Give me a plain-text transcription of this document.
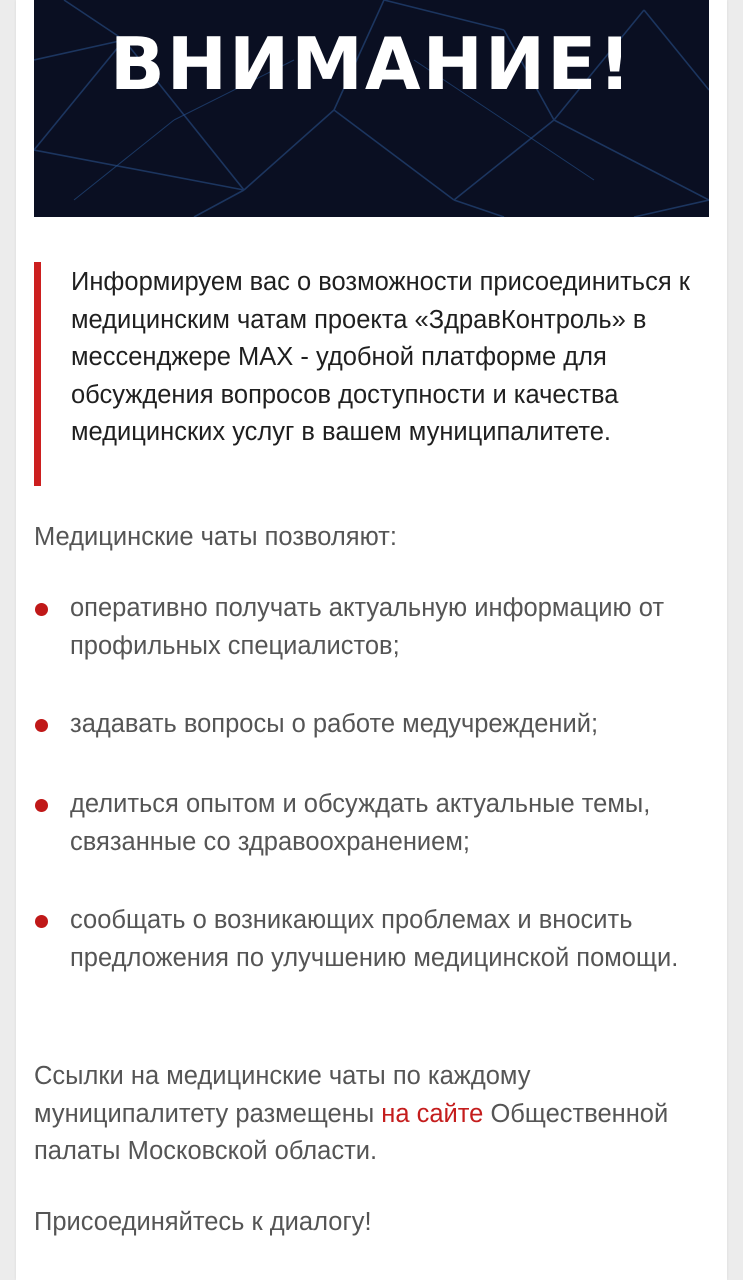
ВНИМАНИЕ!
Информируем вас о возможности присоединиться к медицинским чатам проекта «ЗдравКонтроль» в мессенджере MAX - удобной платформе для обсуждения вопросов доступности и качества медицинских услуг в вашем муниципалитете.

Медицинские чаты позволяют:

оперативно получать актуальную информацию от профильных специалистов;
задавать вопросы о работе медучреждений;
делиться опытом и обсуждать актуальные темы, связанные со здравоохранением;
сообщать о возникающих проблемах и вносить предложения по улучшению медицинской помощи.

Ссылки на медицинские чаты по каждому муниципалитету размещены на сайте Общественной палаты Московской области.

Присоединяйтесь к диалогу!
